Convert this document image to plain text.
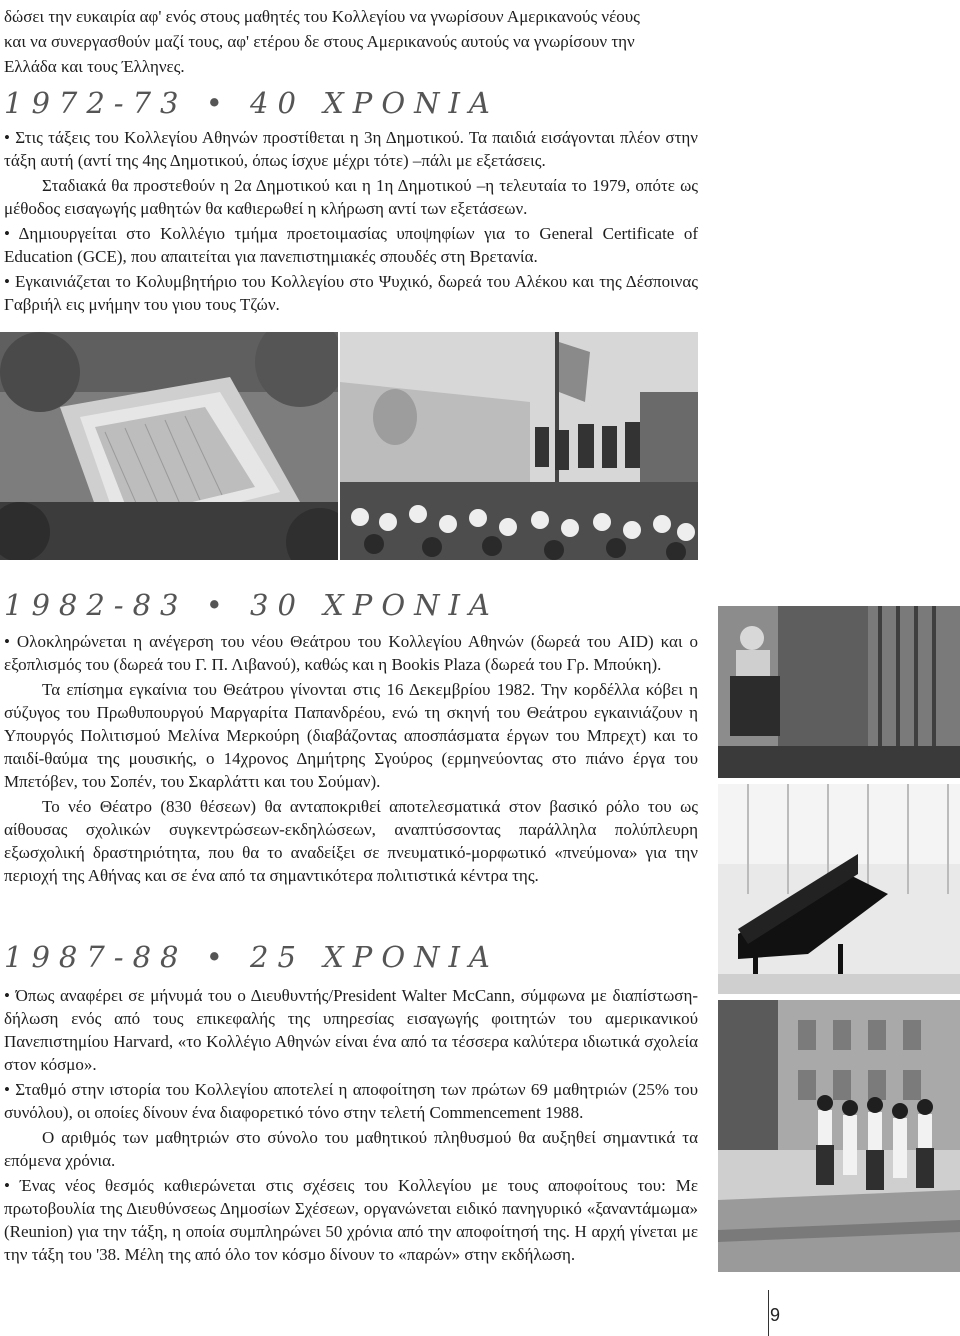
δώσει την ευκαιρία αφ' ενός στους μαθητές του Κολλεγίου να γνωρίσουν Αμερικανούς νέους
και να συνεργασθούν μαζί τους, αφ' ετέρου δε στους Αμερικανούς αυτούς να γνωρίσουν την
Ελλάδα και τους Έλληνες.
1972-73 • 40 ΧΡΟΝΙΑ

• Στις τάξεις του Κολλεγίου Αθηνών προστίθεται η 3η Δημοτικού. Τα παιδιά εισάγονται πλέον στην τάξη αυτή (αντί της 4ης Δημοτικού, όπως ίσχυε μέχρι τότε) –πάλι με εξετάσεις.

Σταδιακά θα προστεθούν η 2α Δημοτικού και η 1η Δημοτικού –η τελευταία το 1979, οπότε ως μέθοδος εισαγωγής μαθητών θα καθιερωθεί η κλήρωση αντί των εξετάσεων.

• Δημιουργείται στο Κολλέγιο τμήμα προετοιμασίας υποψηφίων για το General Certificate of Education (GCE), που απαιτείται για πανεπιστημιακές σπουδές στη Βρετανία.

• Εγκαινιάζεται το Κολυμβητήριο του Κολλεγίου στο Ψυχικό, δωρεά του Αλέκου και της Δέσποινας Γαβριήλ εις μνήμην του γιου τους Τζών.

1982-83 • 30 ΧΡΟΝΙΑ

• Ολοκληρώνεται η ανέγερση του νέου Θεάτρου του Κολλεγίου Αθηνών (δωρεά του AID) και ο εξοπλισμός του (δωρεά του Γ. Π. Λιβανού), καθώς και η Bookis Plaza (δωρεά του Γρ. Μπούκη).

Τα επίσημα εγκαίνια του Θεάτρου γίνονται στις 16 Δεκεμβρίου 1982. Την κορδέλλα κόβει η σύζυγος του Πρωθυπουργού Μαργαρίτα Παπανδρέου, ενώ τη σκηνή του Θεάτρου εγκαινιάζουν η Υπουργός Πολιτισμού Μελίνα Μερκούρη (διαβάζοντας αποσπάσματα έργων του Μπρεχτ) και το παιδί-θαύμα της μουσικής, ο 14χρονος Δημήτρης Σγούρος (ερμηνεύοντας στο πιάνο έργα του Μπετόβεν, του Σοπέν, του Σκαρλάττι και του Σούμαν).

Το νέο Θέατρο (830 θέσεων) θα ανταποκριθεί αποτελεσματικά στον βασικό ρόλο του ως αίθουσας σχολικών συγκεντρώσεων-εκδηλώσεων, αναπτύσσοντας παράλληλα πολύπλευρη εξωσχολική δραστηριότητα, που θα το αναδείξει σε πνευματικό-μορφωτικό «πνεύμονα» για την περιοχή της Αθήνας και σε ένα από τα σημαντικότερα πολιτιστικά κέντρα της.

1987-88 • 25 ΧΡΟΝΙΑ

• Όπως αναφέρει σε μήνυμά του ο Διευθυντής/President Walter McCann, σύμφωνα με διαπίστωση-δήλωση ενός από τους επικεφαλής της υπηρεσίας εισαγωγής φοιτητών του αμερικανικού Πανεπιστημίου Harvard, «το Κολλέγιο Αθηνών είναι ένα από τα τέσσερα καλύτερα ιδιωτικά σχολεία στον κόσμο».

• Σταθμό στην ιστορία του Κολλεγίου αποτελεί η αποφοίτηση των πρώτων 69 μαθητριών (25% του συνόλου), οι οποίες δίνουν ένα διαφορετικό τόνο στην τελετή Commencement 1988.

Ο αριθμός των μαθητριών στο σύνολο του μαθητικού πληθυσμού θα αυξηθεί σημαντικά τα επόμενα χρόνια.

• Ένας νέος θεσμός καθιερώνεται στις σχέσεις του Κολλεγίου με τους αποφοίτους του: Με πρωτοβουλία της Διευθύνσεως Δημοσίων Σχέσεων, οργανώνεται ειδικό πανηγυρικό «ξαναντάμωμα» (Reunion) για την τάξη, η οποία συμπληρώνει 50 χρόνια από την αποφοίτησή της. Η αρχή γίνεται με την τάξη του '38. Μέλη της από όλο τον κόσμο δίνουν το «παρών» στην εκδήλωση.

9
